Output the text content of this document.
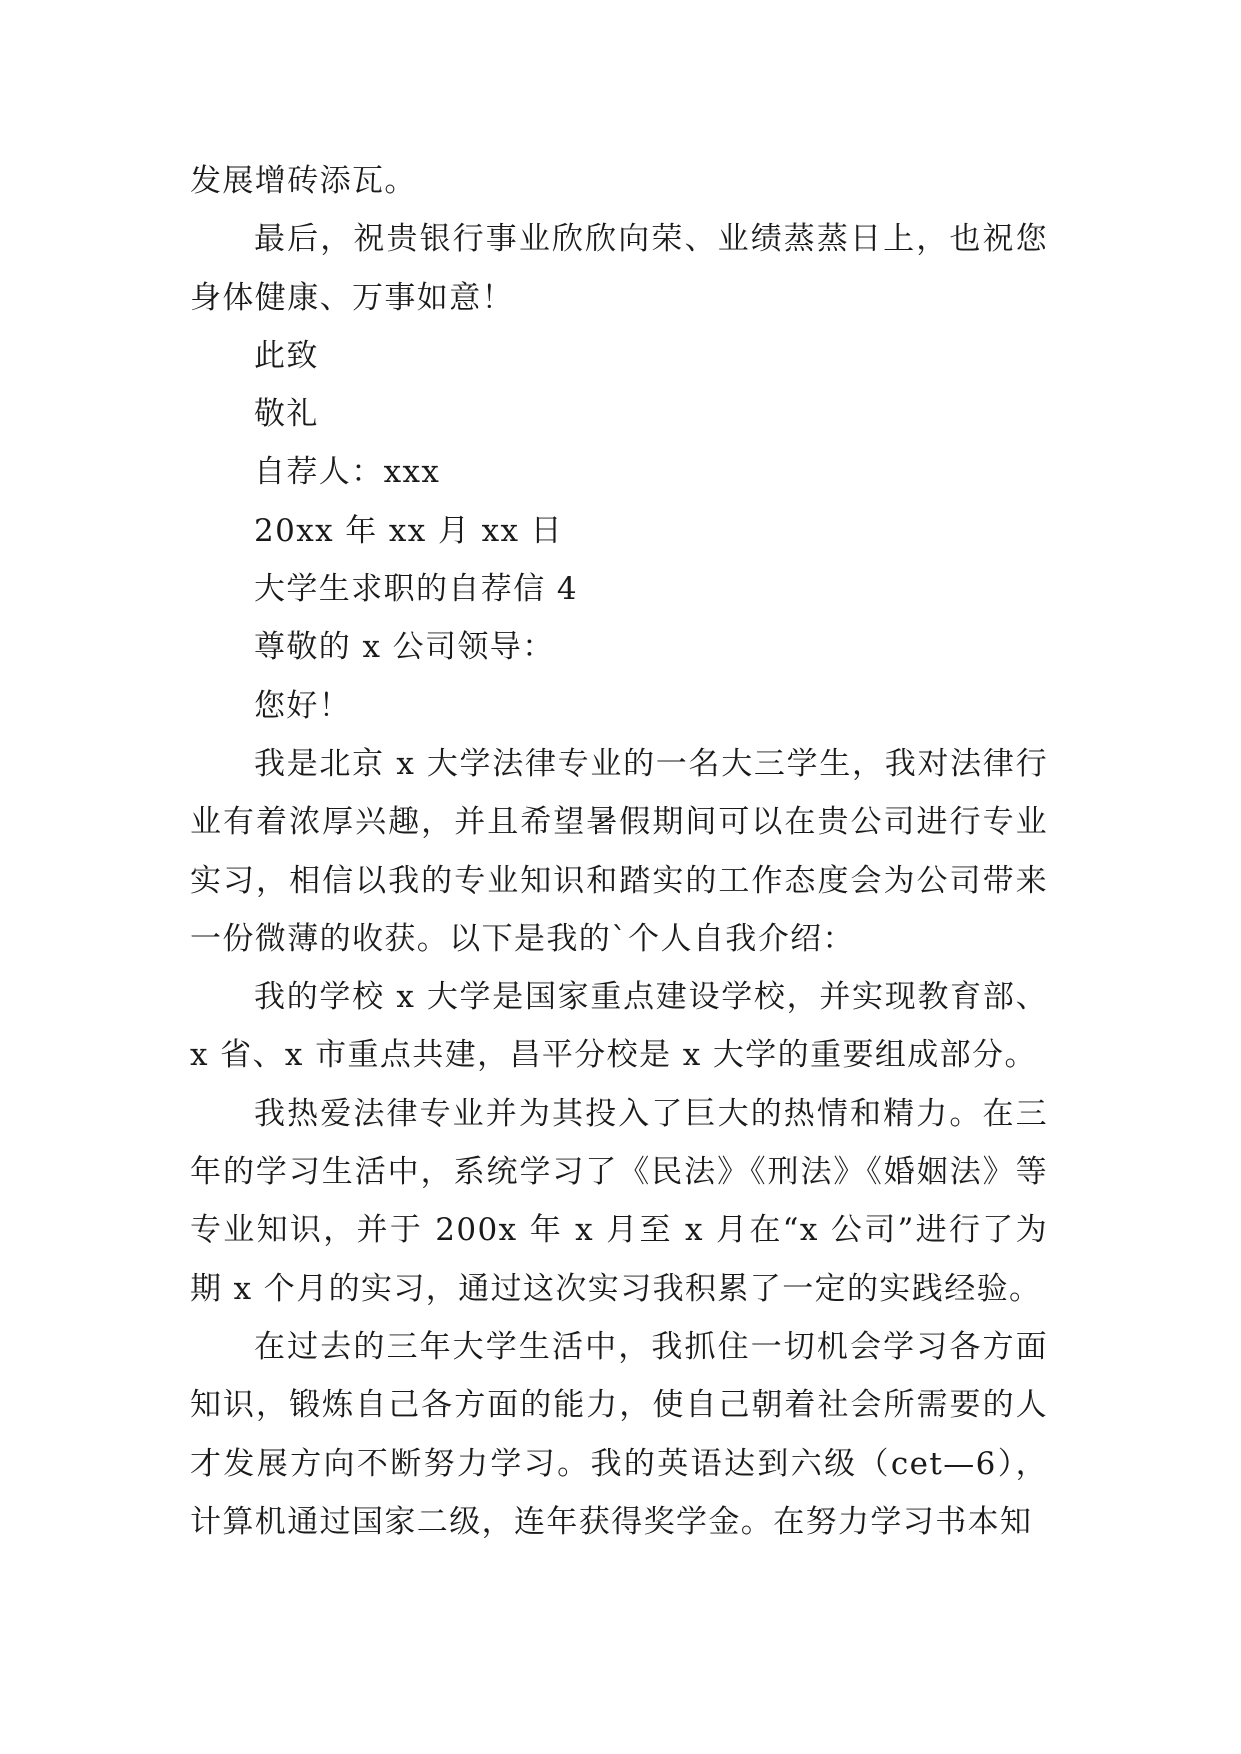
发展增砖添瓦。

最后，祝贵银行事业欣欣向荣、业绩蒸蒸日上，也祝您身体健康、万事如意！

此致

敬礼

自荐人：xxx

20xx 年 xx 月 xx 日

大学生求职的自荐信 4

尊敬的 x 公司领导：

您好！

我是北京 x 大学法律专业的一名大三学生，我对法律行业有着浓厚兴趣，并且希望暑假期间可以在贵公司进行专业实习，相信以我的专业知识和踏实的工作态度会为公司带来一份微薄的收获。以下是我的`个人自我介绍：

我的学校 x 大学是国家重点建设学校，并实现教育部、x 省、x 市重点共建，昌平分校是 x 大学的重要组成部分。

我热爱法律专业并为其投入了巨大的热情和精力。在三年的学习生活中，系统学习了《民法》《刑法》《婚姻法》等专业知识，并于 200x 年 x 月至 x 月在“x 公司”进行了为期 x 个月的实习，通过这次实习我积累了一定的实践经验。

在过去的三年大学生活中，我抓住一切机会学习各方面知识，锻炼自己各方面的能力，使自己朝着社会所需要的人才发展方向不断努力学习。我的英语达到六级（cet—6），计算机通过国家二级，连年获得奖学金。在努力学习书本知
